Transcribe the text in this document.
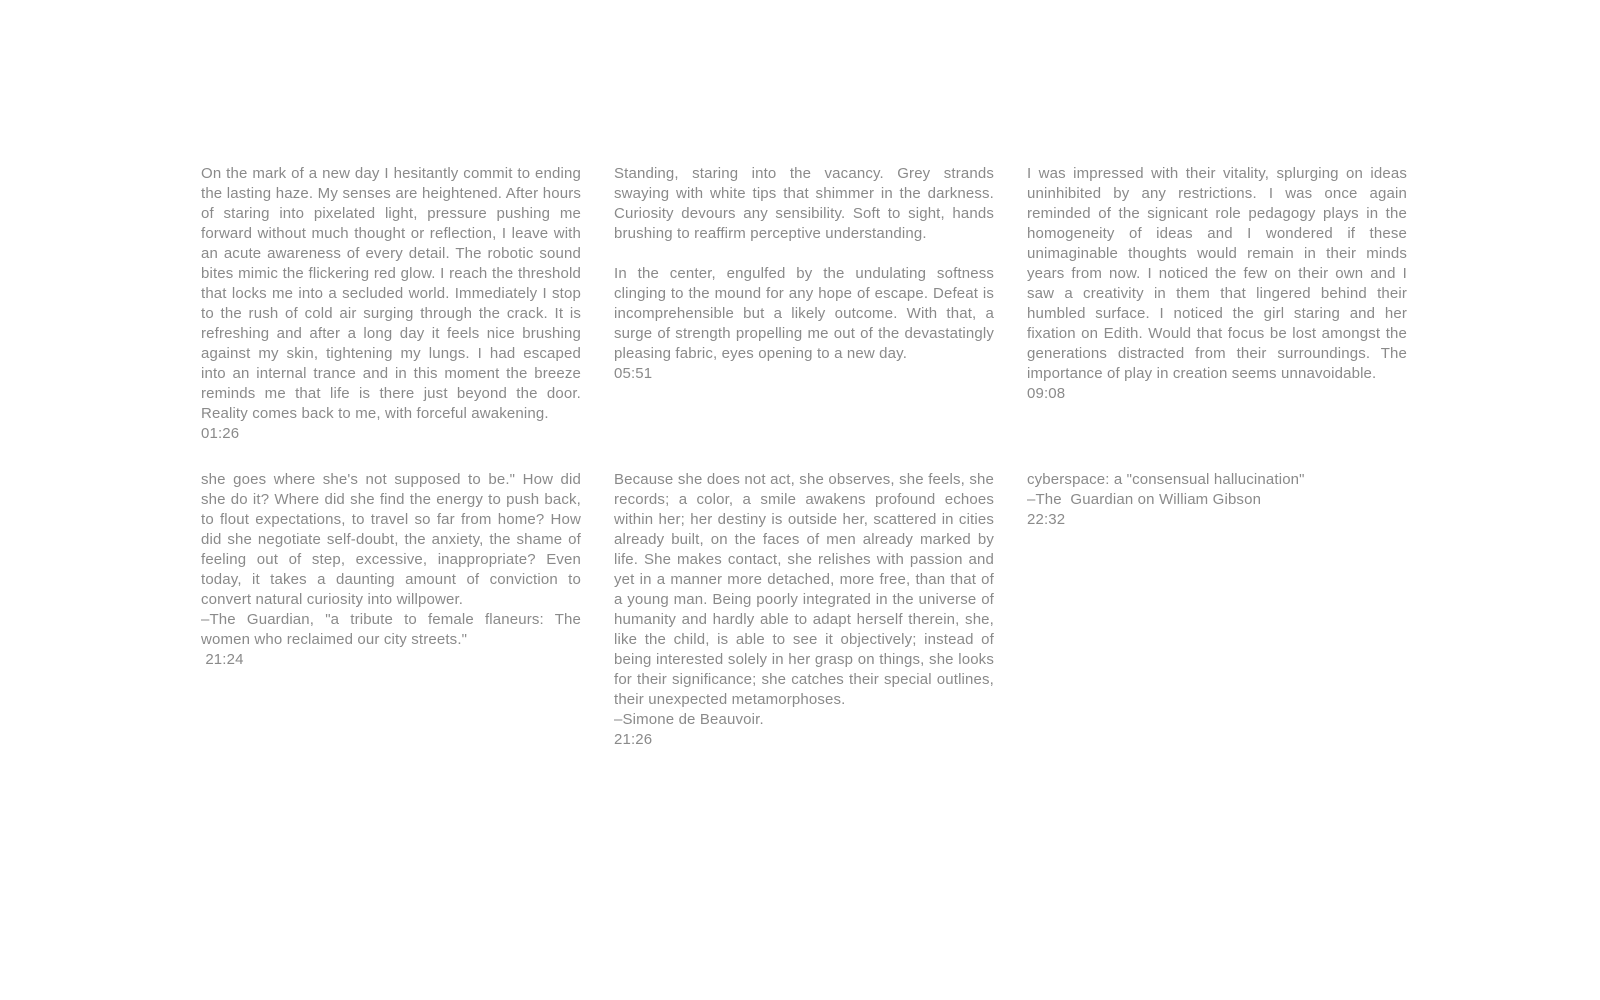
On the mark of a new day I hesitantly commit to ending the lasting haze. My senses are heightened. After hours of staring into pixelated light, pressure pushing me forward without much thought or reflection, I leave with an acute awareness of every detail. The robotic sound bites mimic the flickering red glow. I reach the threshold that locks me into a secluded world. Immediately I stop to the rush of cold air surging through the crack. It is refreshing and after a long day it feels nice brushing against my skin, tightening my lungs. I had escaped into an internal trance and in this moment the breeze reminds me that life is there just beyond the door. Reality comes back to me, with forceful awakening.

01:26

Standing, staring into the vacancy. Grey strands swaying with white tips that shimmer in the darkness. Curiosity devours any sensibility. Soft to sight, hands brushing to reaffirm perceptive understanding.

In the center, engulfed by the undulating softness clinging to the mound for any hope of escape. Defeat is incomprehensible but a likely outcome. With that, a surge of strength propelling me out of the devastatingly pleasing fabric, eyes opening to a new day.

05:51

I was impressed with their vitality, splurging on ideas uninhibited by any restrictions. I was once again reminded of the signicant role pedagogy plays in the homogeneity of ideas and I wondered if these unimaginable thoughts would remain in their minds years from now. I noticed the few on their own and I saw a creativity in them that lingered behind their humbled surface. I noticed the girl staring and her fixation on Edith. Would that focus be lost amongst the generations distracted from their surroundings. The importance of play in creation seems unnavoidable.

09:08

she goes where she's not supposed to be." How did she do it? Where did she find the energy to push back, to flout expectations, to travel so far from home? How did she negotiate self-doubt, the anxiety, the shame of feeling out of step, excessive, inappropriate? Even today, it takes a daunting amount of conviction to convert natural curiosity into willpower.

–The Guardian, "a tribute to female flaneurs: The women who reclaimed our city streets."

21:24

Because she does not act, she observes, she feels, she records; a color, a smile awakens profound echoes within her; her destiny is outside her, scattered in cities already built, on the faces of men already marked by life. She makes contact, she relishes with passion and yet in a manner more detached, more free, than that of a young man. Being poorly integrated in the universe of humanity and hardly able to adapt herself therein, she, like the child, is able to see it objectively; instead of being interested solely in her grasp on things, she looks for their significance; she catches their special outlines, their unexpected metamorphoses.

–Simone de Beauvoir.

21:26

cyberspace: a "consensual hallucination"

–The  Guardian on William Gibson

22:32
